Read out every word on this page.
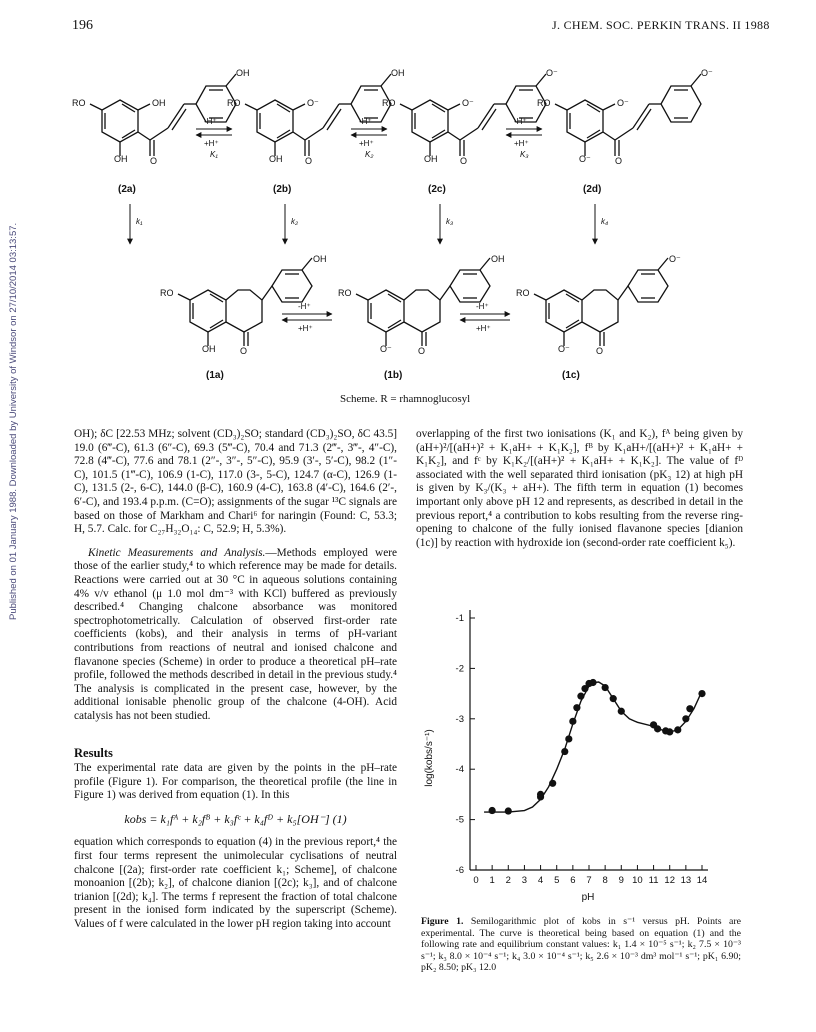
Published on 01 January 1988. Downloaded by University of Windsor on 27/10/2014 03:13:57.
196	J. CHEM. SOC. PERKIN TRANS. II 1988
RO	OH
OH	O
OH
RO	O⁻
OH	O
OH
RO	O⁻
OH	O
O⁻
RO	O⁻
O⁻	O
O⁻
-H⁺
+H⁺
K₁
-H⁺
+H⁺
K₂
-H⁺
+H⁺
K₃
(2a)	(2b)	(2c)	(2d)
k₁	k₂	k₃	k₄
RO
OH	O
OH
RO
O⁻	O
OH
RO
O⁻	O
O⁻
-H⁺
+H⁺
-H⁺
+H⁺
(1a)	(1b)	(1c)
Scheme. R = rhamnoglucosyl

OH); δC [22.53 MHz; solvent (CD₃)₂SO; standard (CD₃)₂SO, δC 43.5] 19.0 (6‴-C), 61.3 (6″-C), 69.3 (5‴-C), 70.4 and 71.3 (2‴-, 3‴-, 4″-C), 72.8 (4‴-C), 77.6 and 78.1 (2″-, 3″-, 5″-C), 95.9 (3′-, 5′-C), 98.2 (1″-C), 101.5 (1‴-C), 106.9 (1-C), 117.0 (3-, 5-C), 124.7 (α-C), 126.9 (1-C), 131.5 (2-, 6-C), 144.0 (β-C), 160.9 (4-C), 163.8 (4′-C), 164.6 (2′-, 6′-C), and 193.4 p.p.m. (C=O); assignments of the sugar ¹³C signals are based on those of Markham and Chari⁶ for naringin (Found: C, 53.3; H, 5.7. Calc. for C₂₇H₃₂O₁₄: C, 52.9; H, 5.3%).

Kinetic Measurements and Analysis.—Methods employed were those of the earlier study,⁴ to which reference may be made for details. Reactions were carried out at 30 °C in aqueous solutions containing 4% v/v ethanol (μ 1.0 mol dm⁻³ with KCl) buffered as previously described.⁴ Changing chalcone absorbance was monitored spectrophotometrically. Calculation of observed first-order rate coefficients (kobs), and their analysis in terms of pH-variant contributions from reactions of neutral and ionised chalcone and flavanone species (Scheme) in order to produce a theoretical pH–rate profile, followed the methods described in detail in the previous study.⁴ The analysis is complicated in the present case, however, by the additional ionisable phenolic group of the chalcone (4-OH). Acid catalysis has not been studied.

Results

The experimental rate data are given by the points in the pH–rate profile (Figure 1). For comparison, the theoretical profile (the line in Figure 1) was derived from equation (1). In this

kobs = k₁fᴬ + k₂fᴮ + k₃fᶜ + k₄fᴰ + k₅[OH⁻] (1)

equation which corresponds to equation (4) in the previous report,⁴ the first four terms represent the unimolecular cyclisations of neutral chalcone [(2a); first-order rate coefficient k₁; Scheme], of chalcone monoanion [(2b); k₂], of chalcone dianion [(2c); k₃], and of chalcone trianion [(2d); k₄]. The terms f represent the fraction of total chalcone present in the ionised form indicated by the superscript (Scheme). Values of f were calculated in the lower pH region taking into account

overlapping of the first two ionisations (K₁ and K₂), fᴬ being given by (aH+)²/[(aH+)² + K₁aH+ + K₁K₂], fᴮ by K₁aH+/[(aH+)² + K₁aH+ + K₁K₂], and fᶜ by K₁K₂/[(aH+)² + K₁aH+ + K₁K₂]. The value of fᴰ associated with the well separated third ionisation (pK₃ 12) at high pH is given by K₃/(K₃ + aH+). The fifth term in equation (1) becomes important only above pH 12 and represents, as described in detail in the previous report,⁴ a contribution to kobs resulting from the reverse ring-opening to chalcone of the fully ionised flavanone species [dianion (1c)] by reaction with hydroxide ion (second-order rate coefficient k₅).

0 1 2 3 4 5 6 7 8 9 10 11 12 13 14
-1
-2
-3
-4
-5
-6
pH
log(kobs/s⁻¹)
Figure 1. Semilogarithmic plot of kobs in s⁻¹ versus pH. Points are experimental. The curve is theoretical being based on equation (1) and the following rate and equilibrium constant values: k₁ 1.4 × 10⁻⁵ s⁻¹; k₂ 7.5 × 10⁻³ s⁻¹; k₃ 8.0 × 10⁻⁴ s⁻¹; k₄ 3.0 × 10⁻⁴ s⁻¹; k₅ 2.6 × 10⁻³ dm³ mol⁻¹ s⁻¹; pK₁ 6.90; pK₂ 8.50; pK₃ 12.0
